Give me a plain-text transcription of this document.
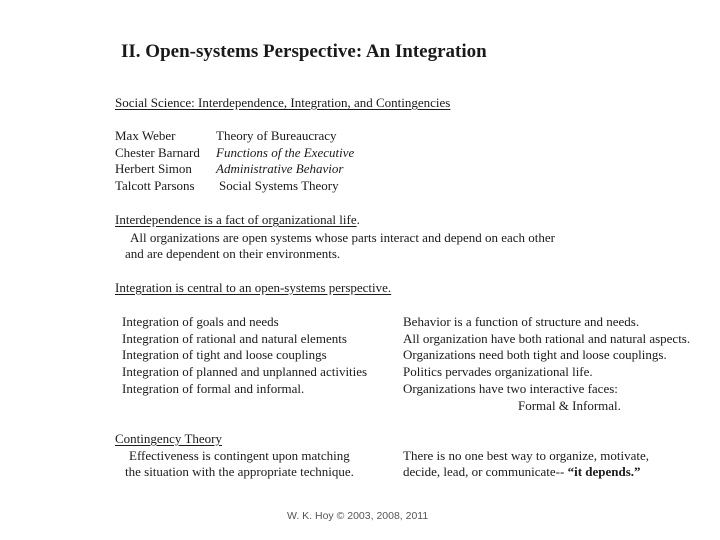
II. Open-systems Perspective: An Integration
Social Science: Interdependence, Integration, and Contingencies
Max Weber
Chester Barnard
Herbert Simon
Talcott Parsons
Theory of Bureaucracy
Functions of the Executive
Administrative Behavior
Social Systems Theory
Interdependence is a fact of organizational life.
All organizations are open systems whose parts interact and depend on each other
and are dependent on their environments.
Integration is central to an open-systems perspective.
Integration of goals and needs
Integration of rational and natural elements
Integration of tight and loose couplings
Integration of planned and unplanned activities
Integration of formal and informal.
Behavior is a function of structure and needs.
All organization have both rational and natural aspects.
Organizations need both tight and loose couplings.
Politics pervades organizational life.
Organizations have two interactive faces:
Formal & Informal.
Contingency Theory
Effectiveness is contingent upon matching
the situation with the appropriate technique.
There is no one best way to organize, motivate,
decide, lead, or communicate-- “it depends.”
W. K. Hoy © 2003, 2008, 2011
